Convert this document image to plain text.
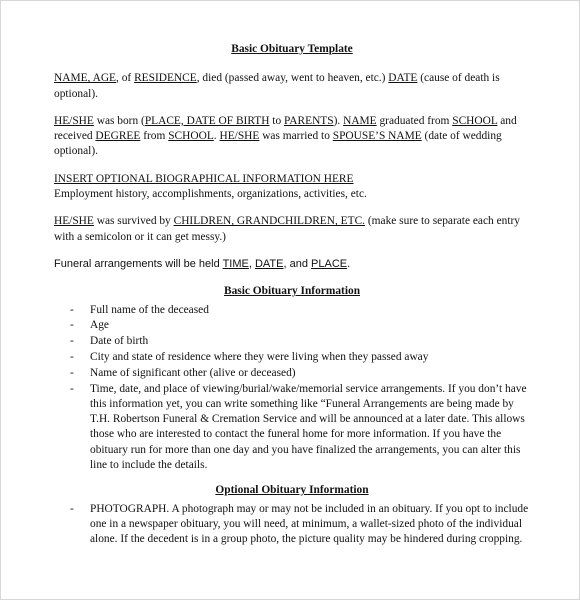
Basic Obituary Template

NAME, AGE, of RESIDENCE, died (passed away, went to heaven, etc.) DATE (cause of death is optional).

HE/SHE was born (PLACE, DATE OF BIRTH to PARENTS). NAME graduated from SCHOOL and received DEGREE from SCHOOL. HE/SHE was married to SPOUSE’S NAME (date of wedding optional).

INSERT OPTIONAL BIOGRAPHICAL INFORMATION HERE
Employment history, accomplishments, organizations, activities, etc.

HE/SHE was survived by CHILDREN, GRANDCHILDREN, ETC. (make sure to separate each entry with a semicolon or it can get messy.)

Funeral arrangements will be held TIME, DATE, and PLACE.

Basic Obituary Information
- Full name of the deceased
- Age
- Date of birth
- City and state of residence where they were living when they passed away
- Name of significant other (alive or deceased)
- Time, date, and place of viewing/burial/wake/memorial service arrangements. If you don’t have this information yet, you can write something like “Funeral Arrangements are being made by T.H. Robertson Funeral & Cremation Service and will be announced at a later date. This allows those who are interested to contact the funeral home for more information. If you have the obituary run for more than one day and you have finalized the arrangements, you can alter this line to include the details.
Optional Obituary Information
- PHOTOGRAPH. A photograph may or may not be included in an obituary. If you opt to include one in a newspaper obituary, you will need, at minimum, a wallet-sized photo of the individual alone. If the decedent is in a group photo, the picture quality may be hindered during cropping.
